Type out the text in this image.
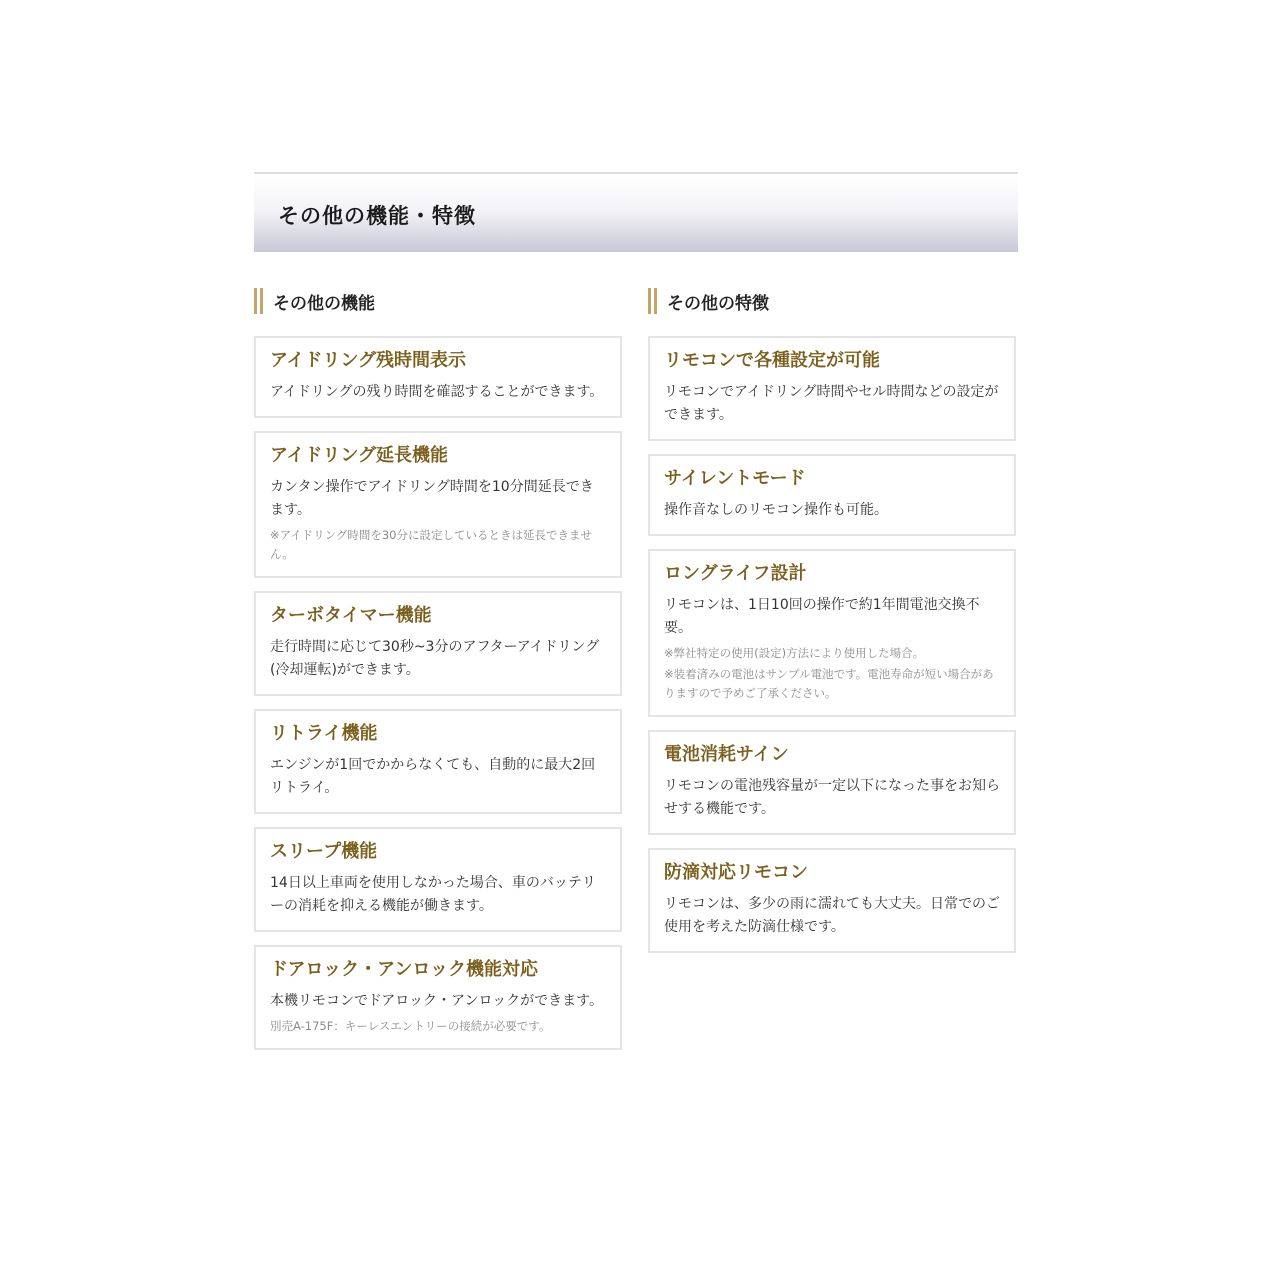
その他の機能・特徴
その他の機能
アイドリング残時間表示
アイドリングの残り時間を確認することができます。
アイドリング延長機能
カンタン操作でアイドリング時間を10分間延長できます。
※アイドリング時間を30分に設定しているときは延長できません。
ターボタイマー機能
走行時間に応じて30秒~3分のアフターアイドリング(冷却運転)ができます。
リトライ機能
エンジンが1回でかからなくても、自動的に最大2回リトライ。
スリープ機能
14日以上車両を使用しなかった場合、車のバッテリーの消耗を抑える機能が働きます。
ドアロック・アンロック機能対応
本機リモコンでドアロック・アンロックができます。
別売A-175F：キーレスエントリーの接続が必要です。
その他の特徴
リモコンで各種設定が可能
リモコンでアイドリング時間やセル時間などの設定ができます。
サイレントモード
操作音なしのリモコン操作も可能。
ロングライフ設計
リモコンは、1日10回の操作で約1年間電池交換不要。
※弊社特定の使用(設定)方法により使用した場合。
※装着済みの電池はサンプル電池です。電池寿命が短い場合がありますので予めご了承ください。
電池消耗サイン
リモコンの電池残容量が一定以下になった事をお知らせする機能です。
防滴対応リモコン
リモコンは、多少の雨に濡れても大丈夫。日常でのご使用を考えた防滴仕様です。
